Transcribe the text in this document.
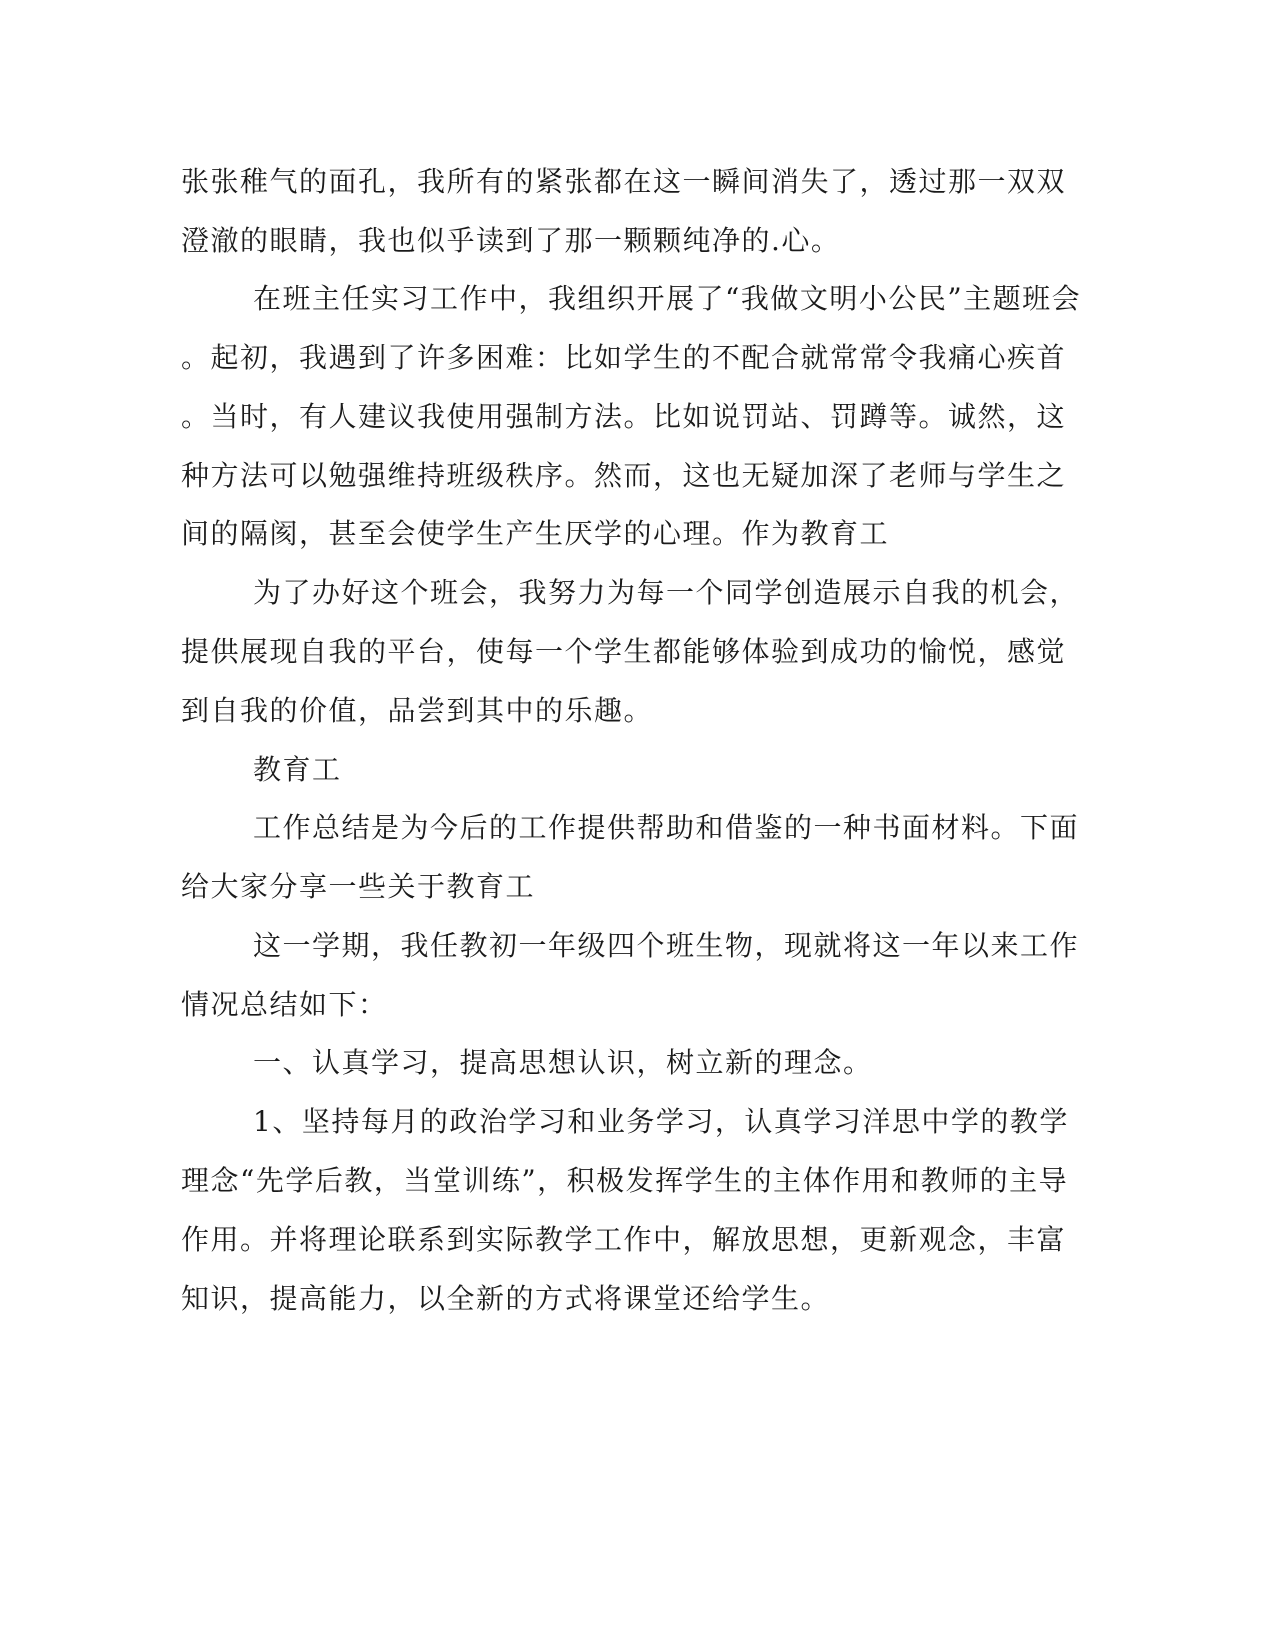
张张稚气的面孔，我所有的紧张都在这一瞬间消失了，透过那一双双
澄澈的眼睛，我也似乎读到了那一颗颗纯净的.心。
在班主任实习工作中，我组织开展了“我做文明小公民”主题班会
。起初，我遇到了许多困难：比如学生的不配合就常常令我痛心疾首
。当时，有人建议我使用强制方法。比如说罚站、罚蹲等。诚然，这
种方法可以勉强维持班级秩序。然而，这也无疑加深了老师与学生之
间的隔阂，甚至会使学生产生厌学的心理。作为教育工
为了办好这个班会，我努力为每一个同学创造展示自我的机会，
提供展现自我的平台，使每一个学生都能够体验到成功的愉悦，感觉
到自我的价值，品尝到其中的乐趣。
教育工
工作总结是为今后的工作提供帮助和借鉴的一种书面材料。下面
给大家分享一些关于教育工
这一学期，我任教初一年级四个班生物，现就将这一年以来工作
情况总结如下：
一、认真学习，提高思想认识，树立新的理念。
1、坚持每月的政治学习和业务学习，认真学习洋思中学的教学
理念“先学后教，当堂训练”，积极发挥学生的主体作用和教师的主导
作用。并将理论联系到实际教学工作中，解放思想，更新观念，丰富
知识，提高能力，以全新的方式将课堂还给学生。
